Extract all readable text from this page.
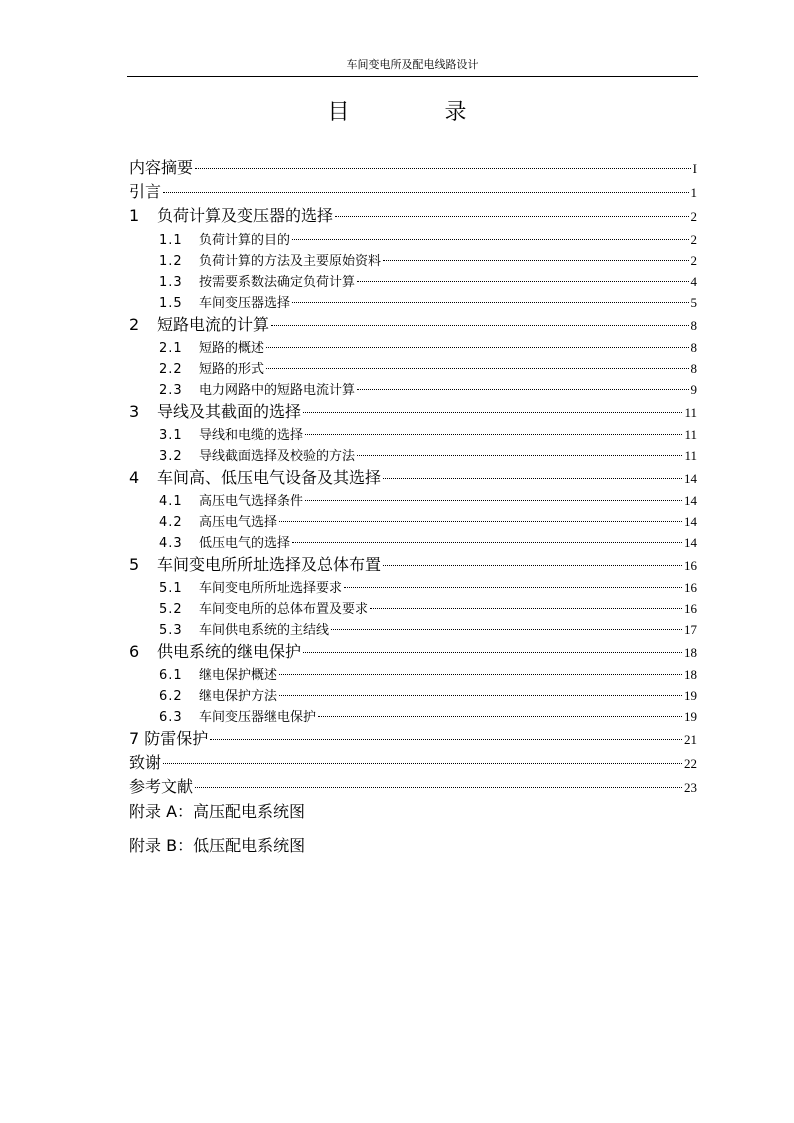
车间变电所及配电线路设计
目 录
内容摘要	I
引言	1
1 负荷计算及变压器的选择	2
1.1 负荷计算的目的	2
1.2 负荷计算的方法及主要原始资料	2
1.3 按需要系数法确定负荷计算	4
1.5 车间变压器选择	5
2 短路电流的计算	8
2.1 短路的概述	8
2.2 短路的形式	8
2.3 电力网路中的短路电流计算	9
3 导线及其截面的选择	11
3.1 导线和电缆的选择	11
3.2 导线截面选择及校验的方法	11
4 车间高、低压电气设备及其选择	14
4.1 高压电气选择条件	14
4.2 高压电气选择	14
4.3 低压电气的选择	14
5 车间变电所所址选择及总体布置	16
5.1 车间变电所所址选择要求	16
5.2 车间变电所的总体布置及要求	16
5.3 车间供电系统的主结线	17
6 供电系统的继电保护	18
6.1 继电保护概述	18
6.2 继电保护方法	19
6.3 车间变压器继电保护	19
7 防雷保护	21
致谢	22
参考文献	23
附录 A：高压配电系统图
附录 B：低压配电系统图
